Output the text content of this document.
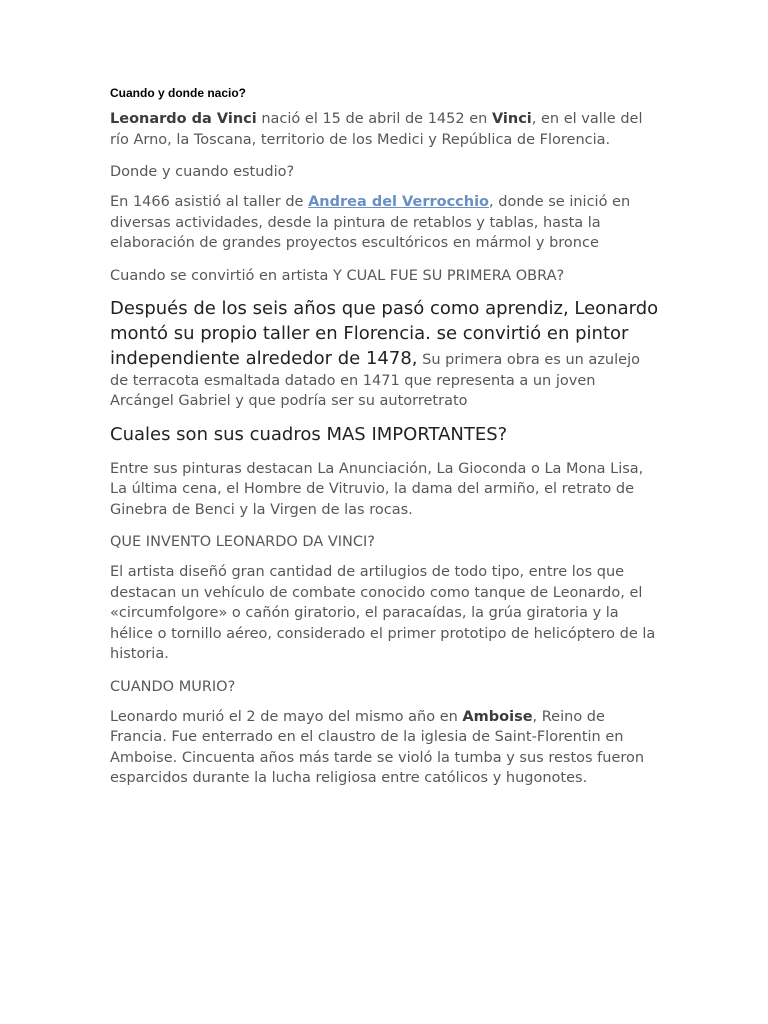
Cuando y donde nacio?

Leonardo da Vinci nació el 15 de abril de 1452 en Vinci, en el valle del río Arno, la Toscana, territorio de los Medici y República de Florencia.

Donde y cuando estudio?

En 1466 asistió al taller de Andrea del Verrocchio, donde se inició en diversas actividades, desde la pintura de retablos y tablas, hasta la elaboración de grandes proyectos escultóricos en mármol y bronce

Cuando se convirtió en artista Y CUAL FUE SU PRIMERA OBRA?

Después de los seis años que pasó como aprendiz, Leonardo montó su propio taller en Florencia. se convirtió en pintor independiente alrededor de 1478, Su primera obra es un azulejo de terracota esmaltada datado en 1471 que representa a un joven Arcángel Gabriel y que podría ser su autorretrato

Cuales son sus cuadros MAS IMPORTANTES?

Entre sus pinturas destacan La Anunciación, La Gioconda o La Mona Lisa, La última cena, el Hombre de Vitruvio, la dama del armiño, el retrato de Ginebra de Benci y la Virgen de las rocas.

QUE INVENTO LEONARDO DA VINCI?

El artista diseñó gran cantidad de artilugios de todo tipo, entre los que destacan un vehículo de combate conocido como tanque de Leonardo, el «circumfolgore» o cañón giratorio, el paracaídas, la grúa giratoria y la hélice o tornillo aéreo, considerado el primer prototipo de helicóptero de la historia.

CUANDO MURIO?

Leonardo murió el 2 de mayo del mismo año en Amboise, Reino de Francia. Fue enterrado en el claustro de la iglesia de Saint-Florentin en Amboise. Cincuenta años más tarde se violó la tumba y sus restos fueron esparcidos durante la lucha religiosa entre católicos y hugonotes.
